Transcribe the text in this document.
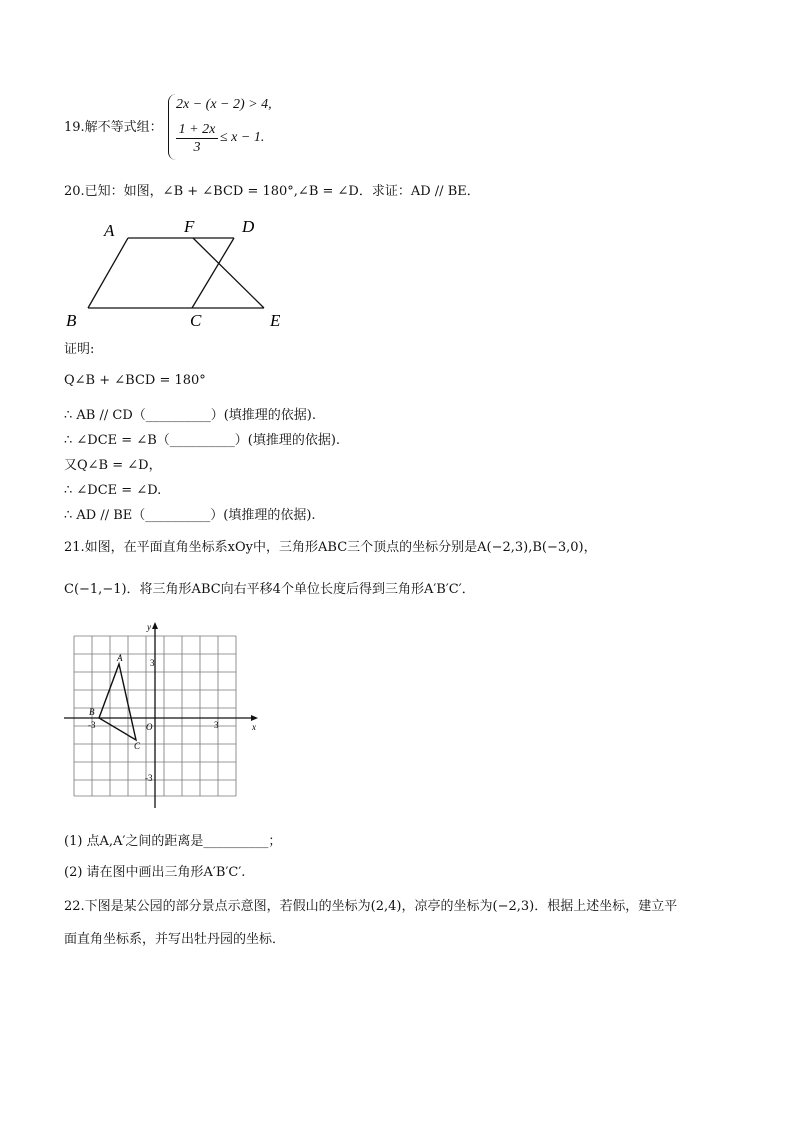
19.解不等式组：
2x − (x − 2) > 4,
$\frac{1 + 2x}{3} \le x - 1$.
20.已知：如图，∠B + ∠BCD = 180°,∠B = ∠D．求证：AD // BE．
A	F	D
B	C	E
证明:
Q∠B + ∠BCD = 180°
∴ AB // CD（__________）(填推理的依据).
∴ ∠DCE = ∠B（__________）(填推理的依据).
又Q∠B = ∠D，
∴ ∠DCE = ∠D.
∴ AD // BE（__________）(填推理的依据).
21.如图，在平面直角坐标系xOy中，三角形ABC三个顶点的坐标分别是A(−2,3),B(−3,0)，
C(−1,−1)．将三角形ABC向右平移4个单位长度后得到三角形A′B′C′．
y
x
O
A
B
C
3
-3
-3	3
(1) 点A,A′之间的距离是__________；
(2) 请在图中画出三角形A′B′C′.
22.下图是某公园的部分景点示意图，若假山的坐标为(2,4)，凉亭的坐标为(−2,3)．根据上述坐标，建立平
面直角坐标系，并写出牡丹园的坐标．
